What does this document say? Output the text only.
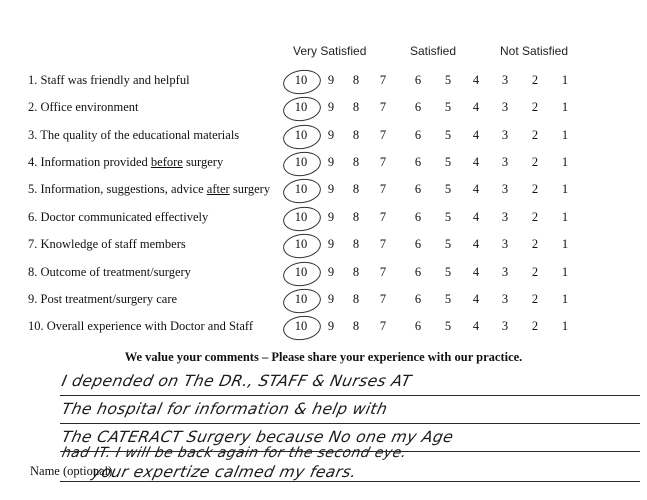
Very Satisfied	Satisfied	Not Satisfied
1. Staff was friendly and helpful	10	9	8	7	6	5	4	3	2	1
2. Office environment	10	9	8	7	6	5	4	3	2	1
3. The quality of the educational materials	10	9	8	7	6	5	4	3	2	1
4. Information provided before surgery	10	9	8	7	6	5	4	3	2	1
5. Information, suggestions, advice after surgery	10	9	8	7	6	5	4	3	2	1
6. Doctor communicated effectively	10	9	8	7	6	5	4	3	2	1
7. Knowledge of staff members	10	9	8	7	6	5	4	3	2	1
8. Outcome of treatment/surgery	10	9	8	7	6	5	4	3	2	1
9. Post treatment/surgery care	10	9	8	7	6	5	4	3	2	1
10. Overall experience with Doctor and Staff	10	9	8	7	6	5	4	3	2	1
We value your comments – Please share your experience with our practice.
I depended on The DR., STAFF & Nurses AT
The hospital for information & help with
The CATERACT Surgery because No one my Age
had IT. I will be back again for the second eye.
your expertize calmed my fears.
Name (optional)
